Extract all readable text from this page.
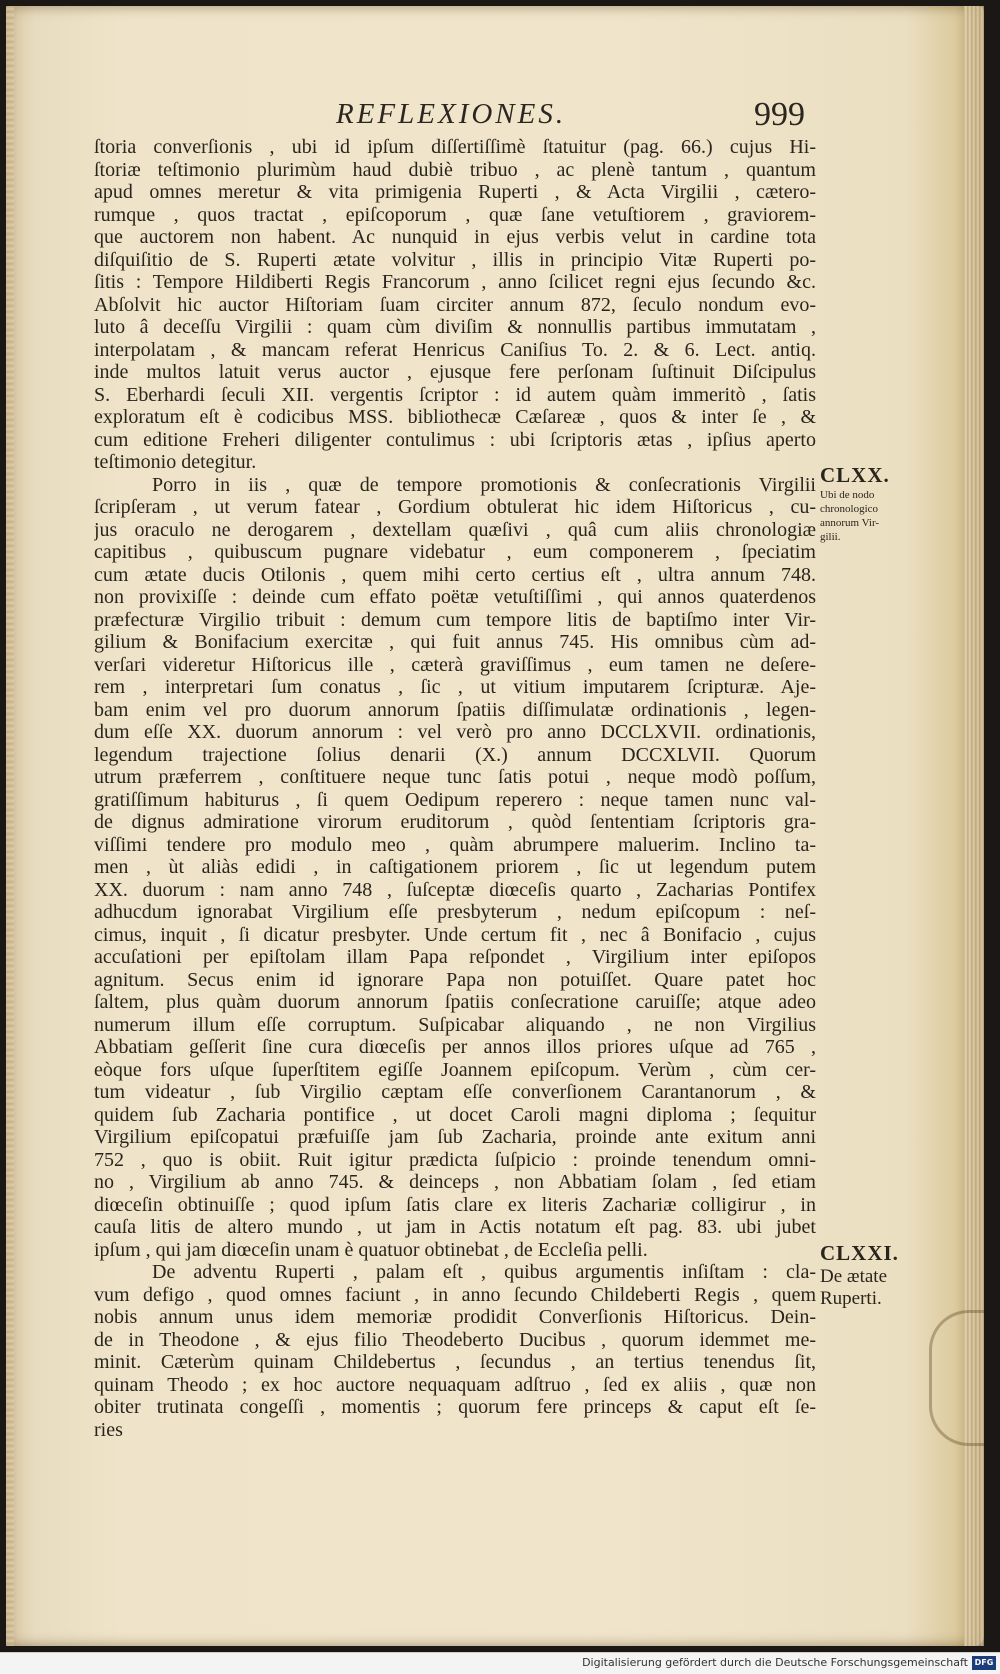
REFLEXIONES.	999
ſtoria converſionis , ubi id ipſum diſſertiſſimè ſtatuitur (pag. 66.) cujus Hi-
ſtoriæ teſtimonio plurimùm haud dubiè tribuo , ac plenè tantum , quantum
apud omnes meretur & vita primigenia Ruperti , & Acta Virgilii , cætero-
rumque , quos tractat , epiſcoporum , quæ ſane vetuſtiorem , graviorem-
que auctorem non habent. Ac nunquid in ejus verbis velut in cardine tota
diſquiſitio de S. Ruperti ætate volvitur , illis in principio Vitæ Ruperti po-
ſitis : Tempore Hildiberti Regis Francorum , anno ſcilicet regni ejus ſecundo &c.
Abſolvit hic auctor Hiſtoriam ſuam circiter annum 872, ſeculo nondum evo-
luto â deceſſu Virgilii : quam cùm diviſim & nonnullis partibus immutatam ,
interpolatam , & mancam referat Henricus Caniſius To. 2. & 6. Lect. antiq.
inde multos latuit verus auctor , ejusque fere perſonam ſuſtinuit Diſcipulus
S. Eberhardi ſeculi XII. vergentis ſcriptor : id autem quàm immeritò , ſatis
exploratum eſt è codicibus MSS. bibliothecæ Cæſareæ , quos & inter ſe , &
cum editione Freheri diligenter contulimus : ubi ſcriptoris ætas , ipſius aperto
teſtimonio detegitur.
Porro in iis , quæ de tempore promotionis & conſecrationis Virgilii
ſcripſeram , ut verum fatear , Gordium obtulerat hic idem Hiſtoricus , cu-
jus oraculo ne derogarem , dextellam quæſivi , quâ cum aliis chronologiæ
capitibus , quibuscum pugnare videbatur , eum componerem , ſpeciatim
cum ætate ducis Otilonis , quem mihi certo certius eſt , ultra annum 748.
non provixiſſe : deinde cum effato poëtæ vetuſtiſſimi , qui annos quaterdenos
præfecturæ Virgilio tribuit : demum cum tempore litis de baptiſmo inter Vir-
gilium & Bonifacium exercitæ , qui fuit annus 745. His omnibus cùm ad-
verſari videretur Hiſtoricus ille , cæterà graviſſimus , eum tamen ne deſere-
rem , interpretari ſum conatus , ſic , ut vitium imputarem ſcripturæ. Aje-
bam enim vel pro duorum annorum ſpatiis diſſimulatæ ordinationis , legen-
dum eſſe XX. duorum annorum : vel verò pro anno DCCLXVII. ordinationis,
legendum trajectione ſolius denarii (X.) annum DCCXLVII. Quorum
utrum præferrem , conſtituere neque tunc ſatis potui , neque modò poſſum,
gratiſſimum habiturus , ſi quem Oedipum reperero : neque tamen nunc val-
de dignus admiratione virorum eruditorum , quòd ſententiam ſcriptoris gra-
viſſimi tendere pro modulo meo , quàm abrumpere maluerim. Inclino ta-
men , ùt aliàs edidi , in caſtigationem priorem , ſic ut legendum putem
XX. duorum : nam anno 748 , ſuſceptæ diœceſis quarto , Zacharias Pontifex
adhucdum ignorabat Virgilium eſſe presbyterum , nedum epiſcopum : neſ-
cimus, inquit , ſi dicatur presbyter. Unde certum fit , nec â Bonifacio , cujus
accuſationi per epiſtolam illam Papa reſpondet , Virgilium inter epiſopos
agnitum. Secus enim id ignorare Papa non potuiſſet. Quare patet hoc
ſaltem, plus quàm duorum annorum ſpatiis conſecratione caruiſſe; atque adeo
numerum illum eſſe corruptum. Suſpicabar aliquando , ne non Virgilius
Abbatiam geſſerit ſine cura diœceſis per annos illos priores uſque ad 765 ,
eòque fors uſque ſuperſtitem egiſſe Joannem epiſcopum. Verùm , cùm cer-
tum videatur , ſub Virgilio cæptam eſſe converſionem Carantanorum , &
quidem ſub Zacharia pontifice , ut docet Caroli magni diploma ; ſequitur
Virgilium epiſcopatui præfuiſſe jam ſub Zacharia, proinde ante exitum anni
752 , quo is obiit. Ruit igitur prædicta ſuſpicio : proinde tenendum omni-
no , Virgilium ab anno 745. & deinceps , non Abbatiam ſolam , ſed etiam
diœceſin obtinuiſſe ; quod ipſum ſatis clare ex literis Zachariæ colligirur , in
cauſa litis de altero mundo , ut jam in Actis notatum eſt pag. 83. ubi jubet
ipſum , qui jam diœceſin unam è quatuor obtinebat , de Eccleſia pelli.
De adventu Ruperti , palam eſt , quibus argumentis inſiſtam : cla-
vum defigo , quod omnes faciunt , in anno ſecundo Childeberti Regis , quem
nobis annum unus idem memoriæ prodidit Converſionis Hiſtoricus. Dein-
de in Theodone , & ejus filio Theodeberto Ducibus , quorum idemmet me-
minit. Cæterùm quinam Childebertus , ſecundus , an tertius tenendus ſit,
quinam Theodo ; ex hoc auctore nequaquam adſtruo , ſed ex aliis , quæ non
obiter trutinata congeſſi , momentis ; quorum fere princeps & caput eſt ſe-
ries
CLXX.
Ubi de nodo
chronologico
annorum Vir-
gilii.
CLXXI.
De ætate
Ruperti.
Digitalisierung gefördert durch die Deutsche Forschungsgemeinschaft DFG
